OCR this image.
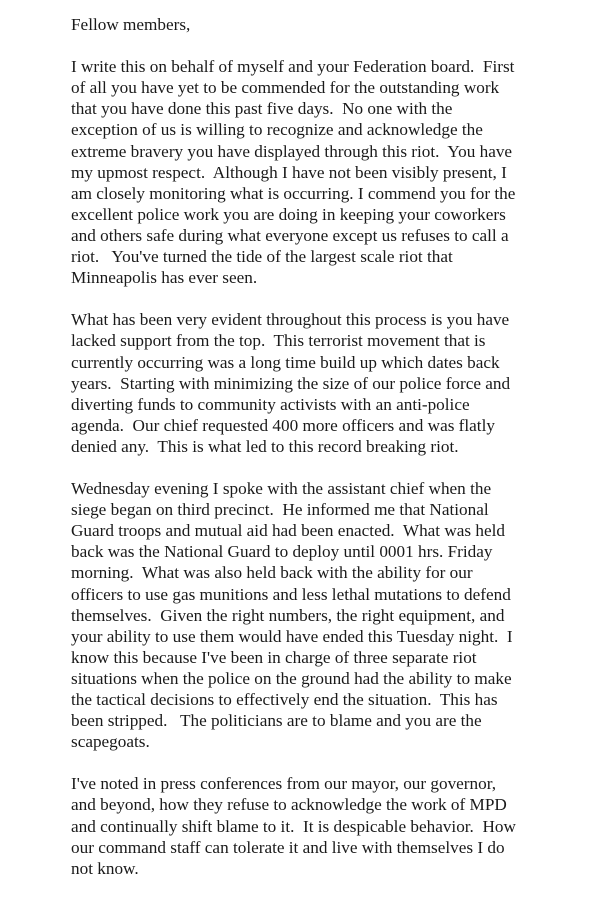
Fellow members,
I write this on behalf of myself and your Federation board.  First
of all you have yet to be commended for the outstanding work
that you have done this past five days.  No one with the
exception of us is willing to recognize and acknowledge the
extreme bravery you have displayed through this riot.  You have
my upmost respect.  Although I have not been visibly present, I
am closely monitoring what is occurring. I commend you for the
excellent police work you are doing in keeping your coworkers
and others safe during what everyone except us refuses to call a
riot.   You've turned the tide of the largest scale riot that
Minneapolis has ever seen.
What has been very evident throughout this process is you have
lacked support from the top.  This terrorist movement that is
currently occurring was a long time build up which dates back
years.  Starting with minimizing the size of our police force and
diverting funds to community activists with an anti-police
agenda.  Our chief requested 400 more officers and was flatly
denied any.  This is what led to this record breaking riot.
Wednesday evening I spoke with the assistant chief when the
siege began on third precinct.  He informed me that National
Guard troops and mutual aid had been enacted.  What was held
back was the National Guard to deploy until 0001 hrs. Friday
morning.  What was also held back with the ability for our
officers to use gas munitions and less lethal mutations to defend
themselves.  Given the right numbers, the right equipment, and
your ability to use them would have ended this Tuesday night.  I
know this because I've been in charge of three separate riot
situations when the police on the ground had the ability to make
the tactical decisions to effectively end the situation.  This has
been stripped.   The politicians are to blame and you are the
scapegoats.
I've noted in press conferences from our mayor, our governor,
and beyond, how they refuse to acknowledge the work of MPD
and continually shift blame to it.  It is despicable behavior.  How
our command staff can tolerate it and live with themselves I do
not know.
